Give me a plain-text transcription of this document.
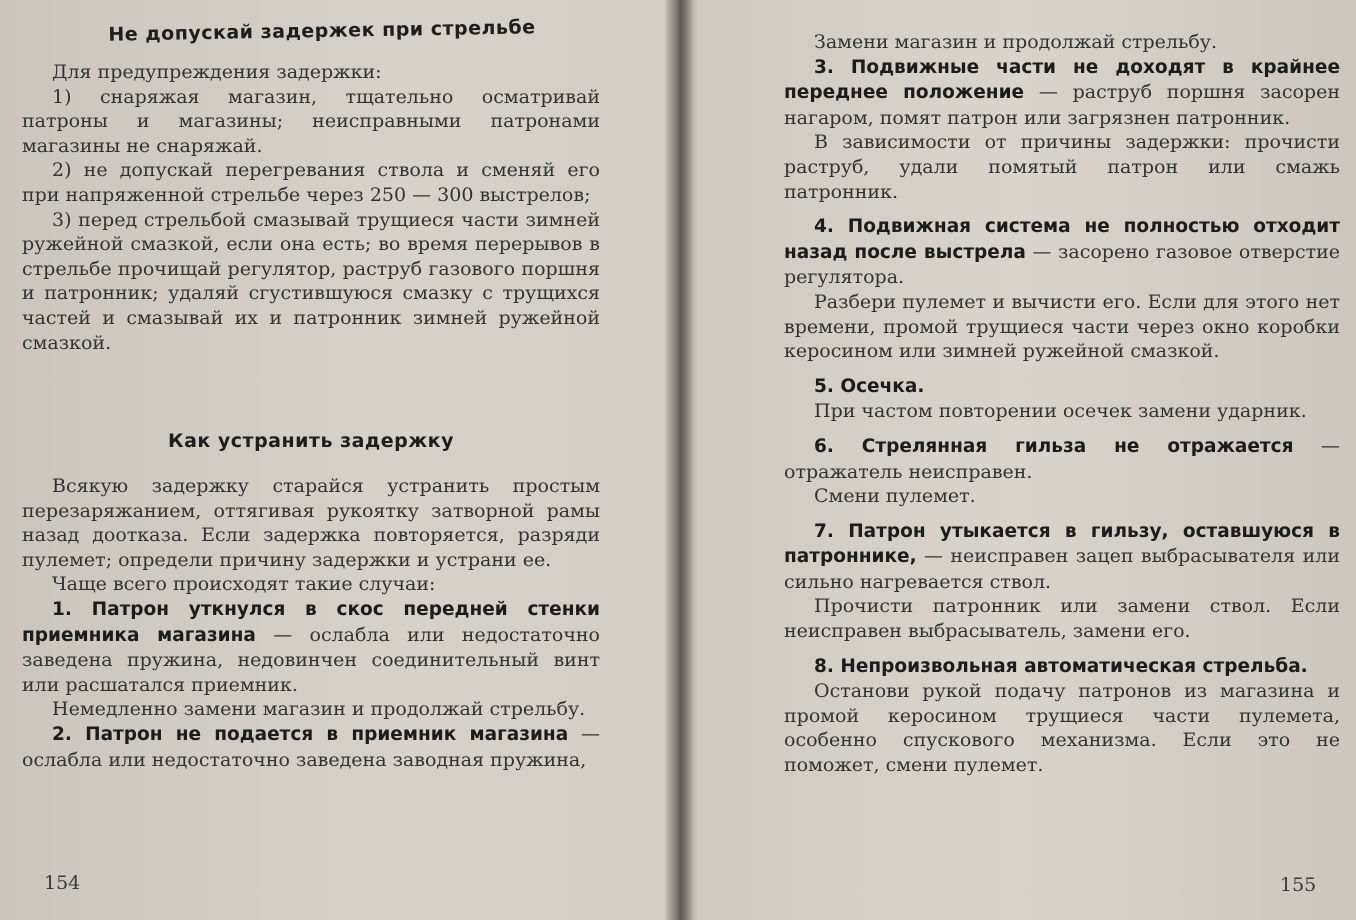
Не допускай задержек при стрельбе

Для предупреждения задержки:

1) снаряжая магазин, тщательно осматривай патроны и магазины; неисправными патронами магазины не снаряжай.

2) не допускай перегревания ствола и сменяй его при напряженной стрельбе через 250 — 300 выстрелов;

3) перед стрельбой смазывай трущиеся части зимней ружейной смазкой, если она есть; во время перерывов в стрельбе прочищай регулятор, раструб газового поршня и патронник; удаляй сгустившуюся смазку с трущихся частей и смазывай их и патронник зимней ружейной смазкой.

Как устранить задержку

Всякую задержку старайся устранить простым перезаряжанием, оттягивая рукоятку затворной рамы назад доотказа. Если задержка повторяется, разряди пулемет; определи причину задержки и устрани ее.

Чаще всего происходят такие случаи:

1. Патрон уткнулся в скос передней стенки приемника магазина — ослабла или недостаточно заведена пружина, недовинчен соединительный винт или расшатался приемник.

Немедленно замени магазин и продолжай стрельбу.

2. Патрон не подается в приемник магазина — ослабла или недостаточно заведена заводная пружина,

154

Замени магазин и продолжай стрельбу.

3. Подвижные части не доходят в крайнее переднее положение — раструб поршня засорен нагаром, помят патрон или загрязнен патронник.

В зависимости от причины задержки: прочисти раструб, удали помятый патрон или смажь патронник.

4. Подвижная система не полностью отходит назад после выстрела — засорено газовое отверстие регулятора.

Разбери пулемет и вычисти его. Если для этого нет времени, промой трущиеся части через окно коробки керосином или зимней ружейной смазкой.

5. Осечка.

При частом повторении осечек замени ударник.

6. Стрелянная гильза не отражается — отражатель неисправен.

Смени пулемет.

7. Патрон утыкается в гильзу, оставшуюся в патроннике, — неисправен зацеп выбрасывателя или сильно нагревается ствол.

Прочисти патронник или замени ствол. Если неисправен выбрасыватель, замени его.

8. Непроизвольная автоматическая стрельба.

Останови рукой подачу патронов из магазина и промой керосином трущиеся части пулемета, особенно спускового механизма. Если это не поможет, смени пулемет.

155
